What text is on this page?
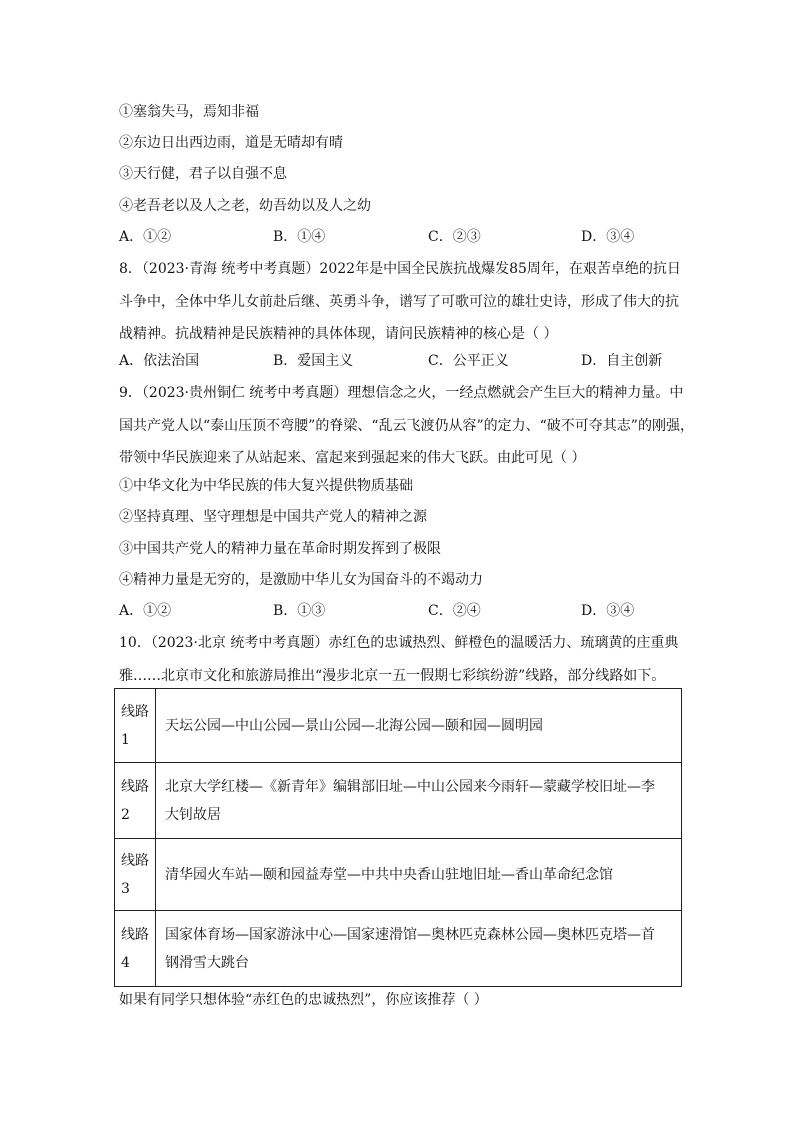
①塞翁失马，焉知非福
②东边日出西边雨，道是无晴却有晴
③天行健，君子以自强不息
④老吾老以及人之老，幼吾幼以及人之幼
A．①②	B．①④	C．②③	D．③④
8．（2023·青海 统考中考真题）2022年是中国全民族抗战爆发85周年，在艰苦卓绝的抗日
斗争中，全体中华儿女前赴后继、英勇斗争，谱写了可歌可泣的雄壮史诗，形成了伟大的抗
战精神。抗战精神是民族精神的具体体现，请问民族精神的核心是（ ）
A．依法治国	B．爱国主义	C．公平正义	D．自主创新
9．（2023·贵州铜仁 统考中考真题）理想信念之火，一经点燃就会产生巨大的精神力量。中
国共产党人以“泰山压顶不弯腰”的脊梁、“乱云飞渡仍从容”的定力、“破不可夺其志”的刚强，
带领中华民族迎来了从站起来、富起来到强起来的伟大飞跃。由此可见（ ）
①中华文化为中华民族的伟大复兴提供物质基础
②坚持真理、坚守理想是中国共产党人的精神之源
③中国共产党人的精神力量在革命时期发挥到了极限
④精神力量是无穷的，是激励中华儿女为国奋斗的不竭动力
A．①②	B．①③	C．②④	D．③④
10．（2023·北京 统考中考真题）赤红色的忠诚热烈、鲜橙色的温暖活力、琉璃黄的庄重典
雅……北京市文化和旅游局推出“漫步北京一五一假期七彩缤纷游”线路，部分线路如下。
线路
1	天坛公园—中山公园—景山公园—北海公园—颐和园—圆明园

线路
2	北京大学红楼—《新青年》编辑部旧址—中山公园来今雨轩—蒙藏学校旧址—李
大钊故居

线路
3	清华园火车站—颐和园益寿堂—中共中央香山驻地旧址—香山革命纪念馆

线路
4	国家体育场—国家游泳中心—国家速滑馆—奥林匹克森林公园—奥林匹克塔—首
钢滑雪大跳台
如果有同学只想体验“赤红色的忠诚热烈”，你应该推荐（ ）
